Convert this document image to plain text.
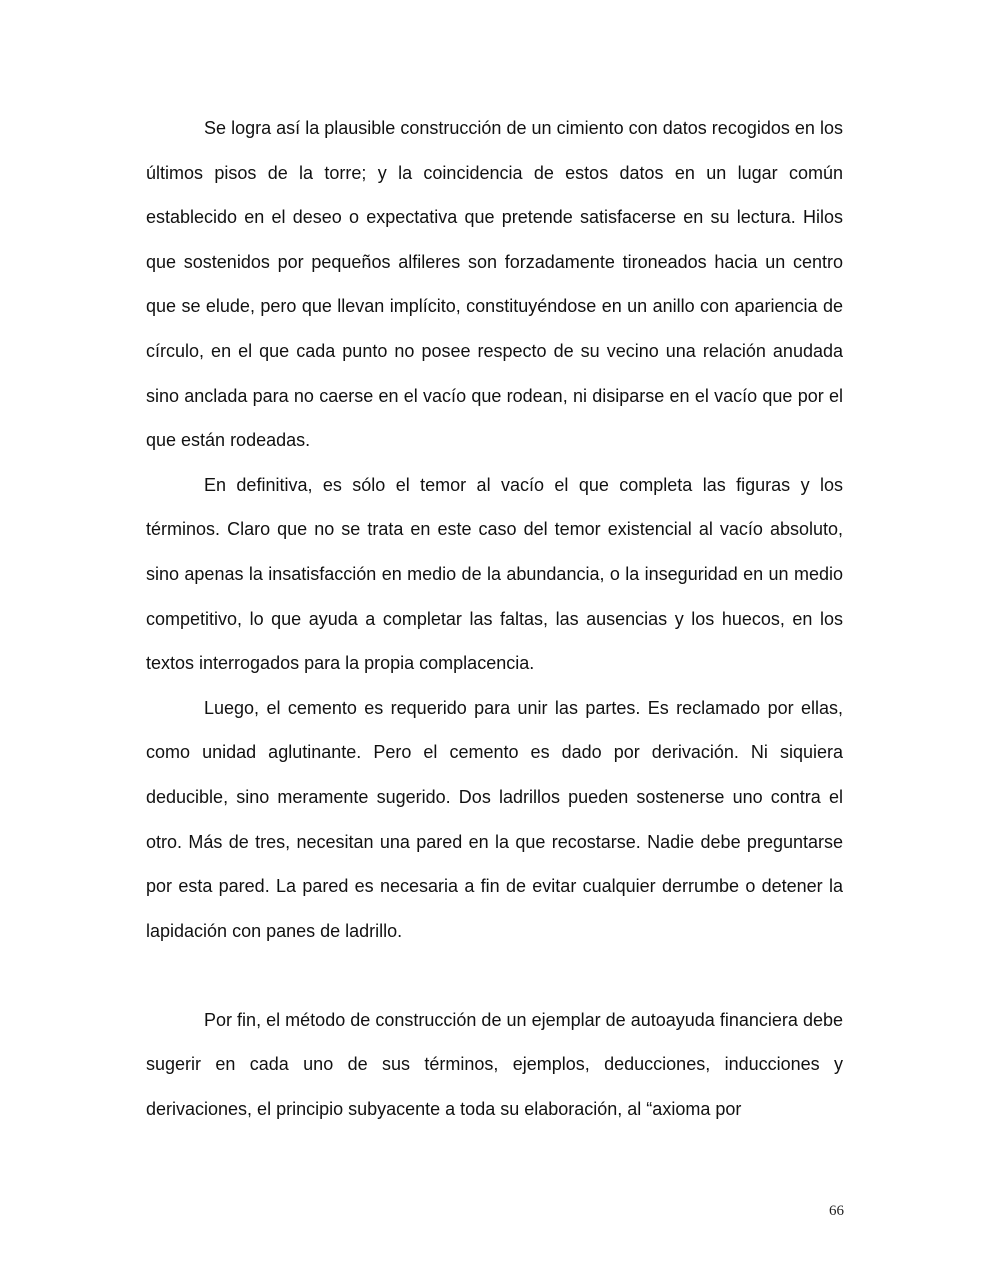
Se logra así la plausible construcción de un cimiento con datos recogidos en los últimos pisos de la torre; y la coincidencia de estos datos en un lugar común establecido en el deseo o expectativa que pretende satisfacerse en su lectura. Hilos que sostenidos por pequeños alfileres son forzadamente tironeados hacia un centro que se elude, pero que llevan implícito, constituyéndose en un anillo con apariencia de círculo, en el que cada punto no posee respecto de su vecino una relación anudada sino anclada para no caerse en el vacío que rodean, ni disiparse en el vacío que por el que están rodeadas.

En definitiva, es sólo el temor al vacío el que completa las figuras y los términos. Claro que no se trata en este caso del temor existencial al vacío absoluto, sino apenas la insatisfacción en medio de la abundancia, o la inseguridad en un medio competitivo, lo que ayuda a completar las faltas, las ausencias y los huecos, en los textos interrogados para la propia complacencia.

Luego, el cemento es requerido para unir las partes. Es reclamado por ellas, como unidad aglutinante. Pero el cemento es dado por derivación. Ni siquiera deducible, sino meramente sugerido. Dos ladrillos pueden sostenerse uno contra el otro. Más de tres, necesitan una pared en la que recostarse. Nadie debe preguntarse por esta pared. La pared es necesaria a fin de evitar cualquier derrumbe o detener la lapidación con panes de ladrillo.

Por fin, el método de construcción de un ejemplar de autoayuda financiera debe sugerir en cada uno de sus términos, ejemplos, deducciones, inducciones y derivaciones, el principio subyacente a toda su elaboración, al “axioma por

66
